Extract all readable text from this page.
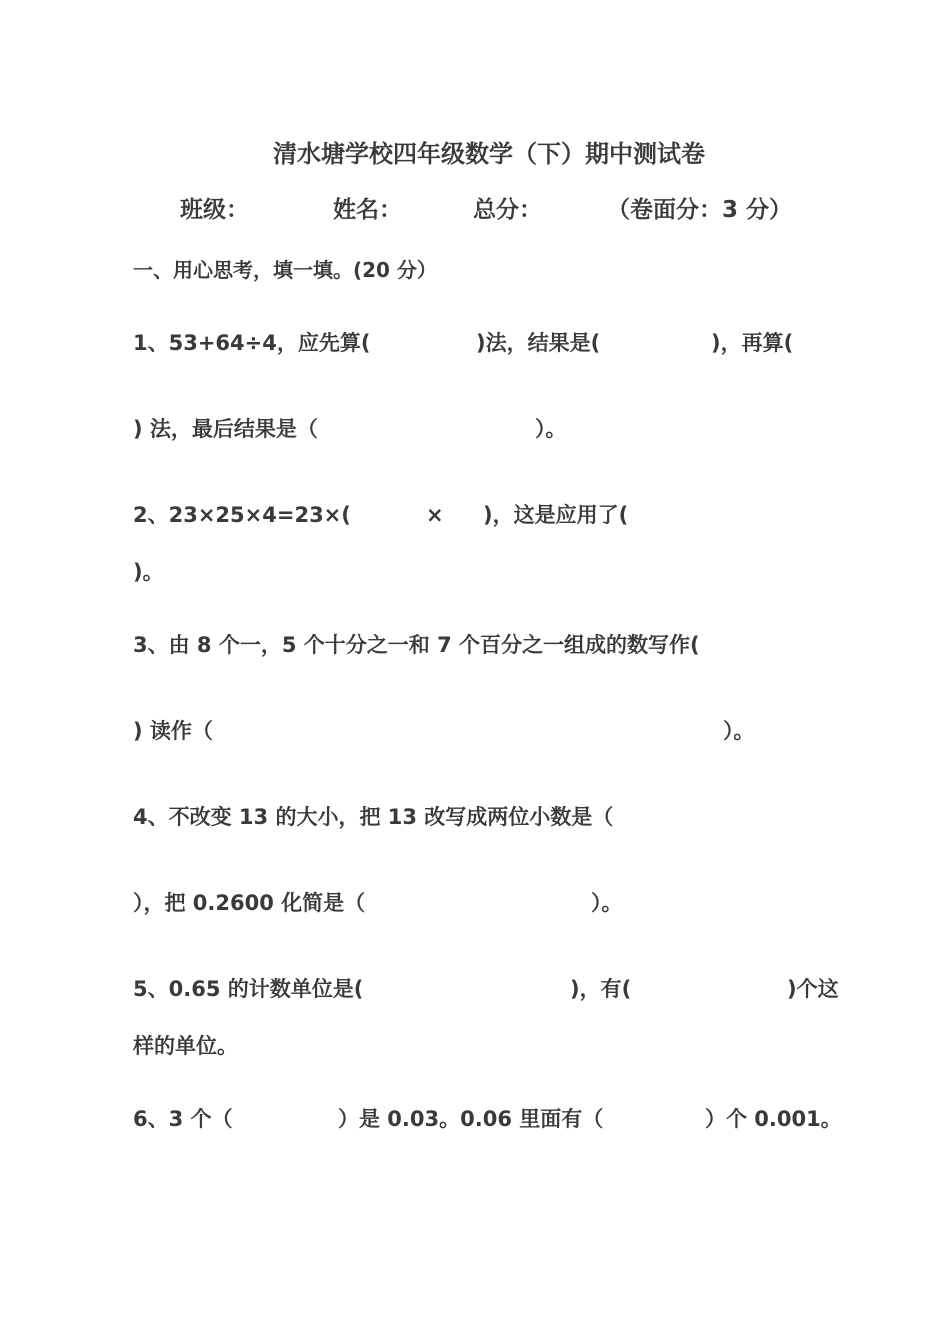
清水塘学校四年级数学（下）期中测试卷
班级：	姓名：	总分：	（卷面分：3 分）
一、用心思考，填一填。(20 分）
1、53+64÷4，应先算(	)法，结果是(	)，再算(
) 法，最后结果是（	）。
2、23×25×4=23×(	× )，这是应用了(
)。
3、由 8 个一，5 个十分之一和 7 个百分之一组成的数写作(
) 读作（	）。
4、不改变 13 的大小，把 13 改写成两位小数是（
），把 0.2600 化简是（	）。
5、0.65 的计数单位是(	)，有(	)个这
样的单位。
6、3 个（	）是 0.03。0.06 里面有（	）个 0.001。
